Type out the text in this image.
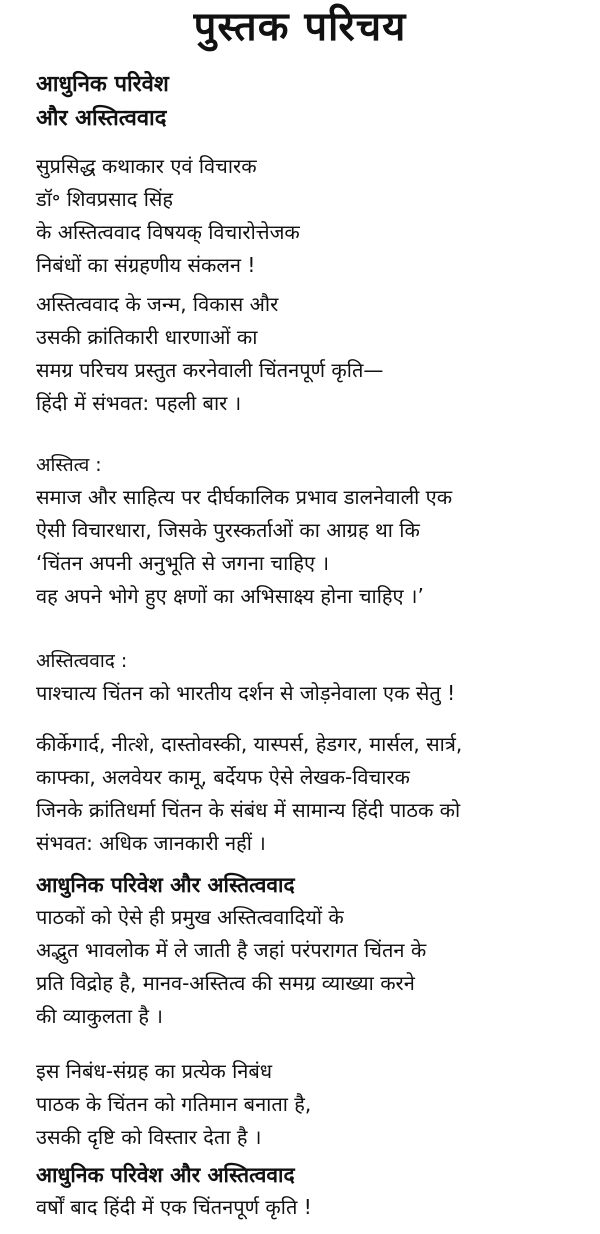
पुस्तक परिचय
आधुनिक परिवेश
और अस्तित्ववाद
सुप्रसिद्ध कथाकार एवं विचारक
डॉ॰ शिवप्रसाद सिंह
के अस्तित्ववाद विषयक् विचारोत्तेजक
निबंधों का संग्रहणीय संकलन !
अस्तित्ववाद के जन्म, विकास और
उसकी क्रांतिकारी धारणाओं का
समग्र परिचय प्रस्तुत करनेवाली चिंतनपूर्ण कृति—
हिंदी में संभवत: पहली बार ।
अस्तित्व :
समाज और साहित्य पर दीर्घकालिक प्रभाव डालनेवाली एक
ऐसी विचारधारा, जिसके पुरस्कर्ताओं का आग्रह था कि
‘चिंतन अपनी अनुभूति से जगना चाहिए ।
वह अपने भोगे हुए क्षणों का अभिसाक्ष्य होना चाहिए ।’
अस्तित्ववाद :
पाश्चात्य चिंतन को भारतीय दर्शन से जोड़नेवाला एक सेतु !
कीर्केगार्द, नीत्शे, दास्तोवस्की, यास्पर्स, हेडगर, मार्सल, सार्त्र,
काफ्का, अलवेयर कामू, बर्देयफ ऐसे लेखक-विचारक
जिनके क्रांतिधर्मा चिंतन के संबंध में सामान्य हिंदी पाठक को
संभवत: अधिक जानकारी नहीं ।
आधुनिक परिवेश और अस्तित्ववाद
पाठकों को ऐसे ही प्रमुख अस्तित्ववादियों के
अद्भुत भावलोक में ले जाती है जहां परंपरागत चिंतन के
प्रति विद्रोह है, मानव-अस्तित्व की समग्र व्याख्या करने
की व्याकुलता है ।
इस निबंध-संग्रह का प्रत्येक निबंध
पाठक के चिंतन को गतिमान बनाता है,
उसकी दृष्टि को विस्तार देता है ।
आधुनिक परिवेश और अस्तित्ववाद
वर्षों बाद हिंदी में एक चिंतनपूर्ण कृति !
